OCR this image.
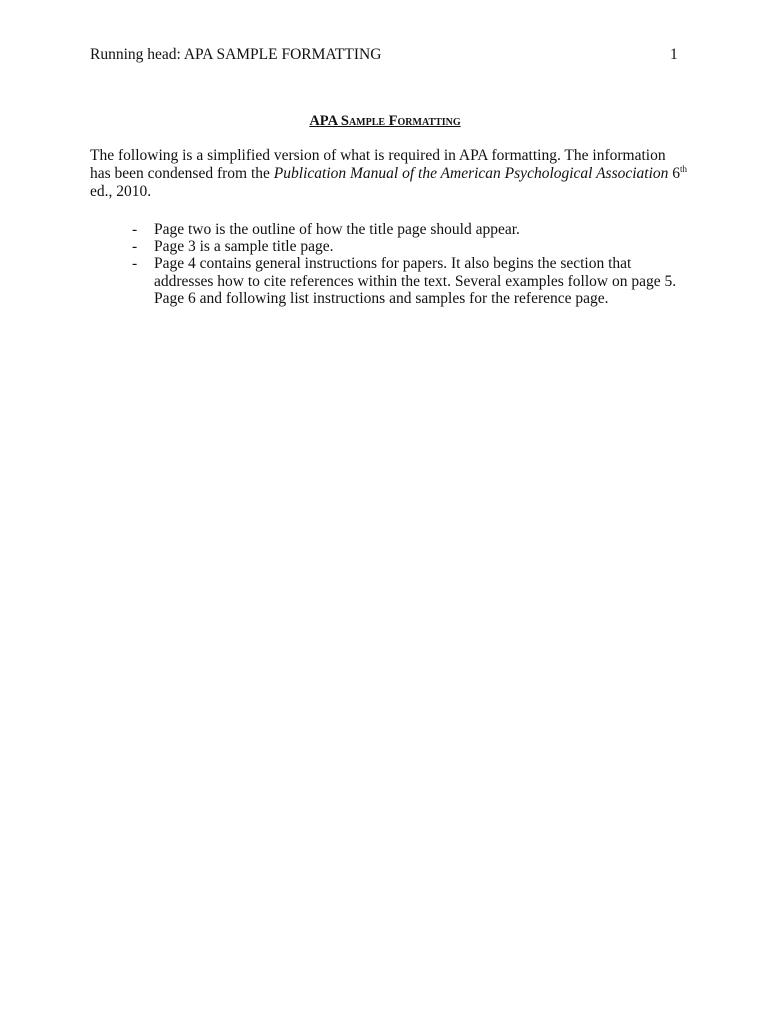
Running head: APA SAMPLE FORMATTING	1
APA Sample Formatting
The following is a simplified version of what is required in APA formatting. The information
has been condensed from the Publication Manual of the American Psychological Association 6th
ed., 2010.
- Page two is the outline of how the title page should appear.
- Page 3 is a sample title page.
- Page 4 contains general instructions for papers. It also begins the section that
addresses how to cite references within the text. Several examples follow on page 5.
Page 6 and following list instructions and samples for the reference page.
